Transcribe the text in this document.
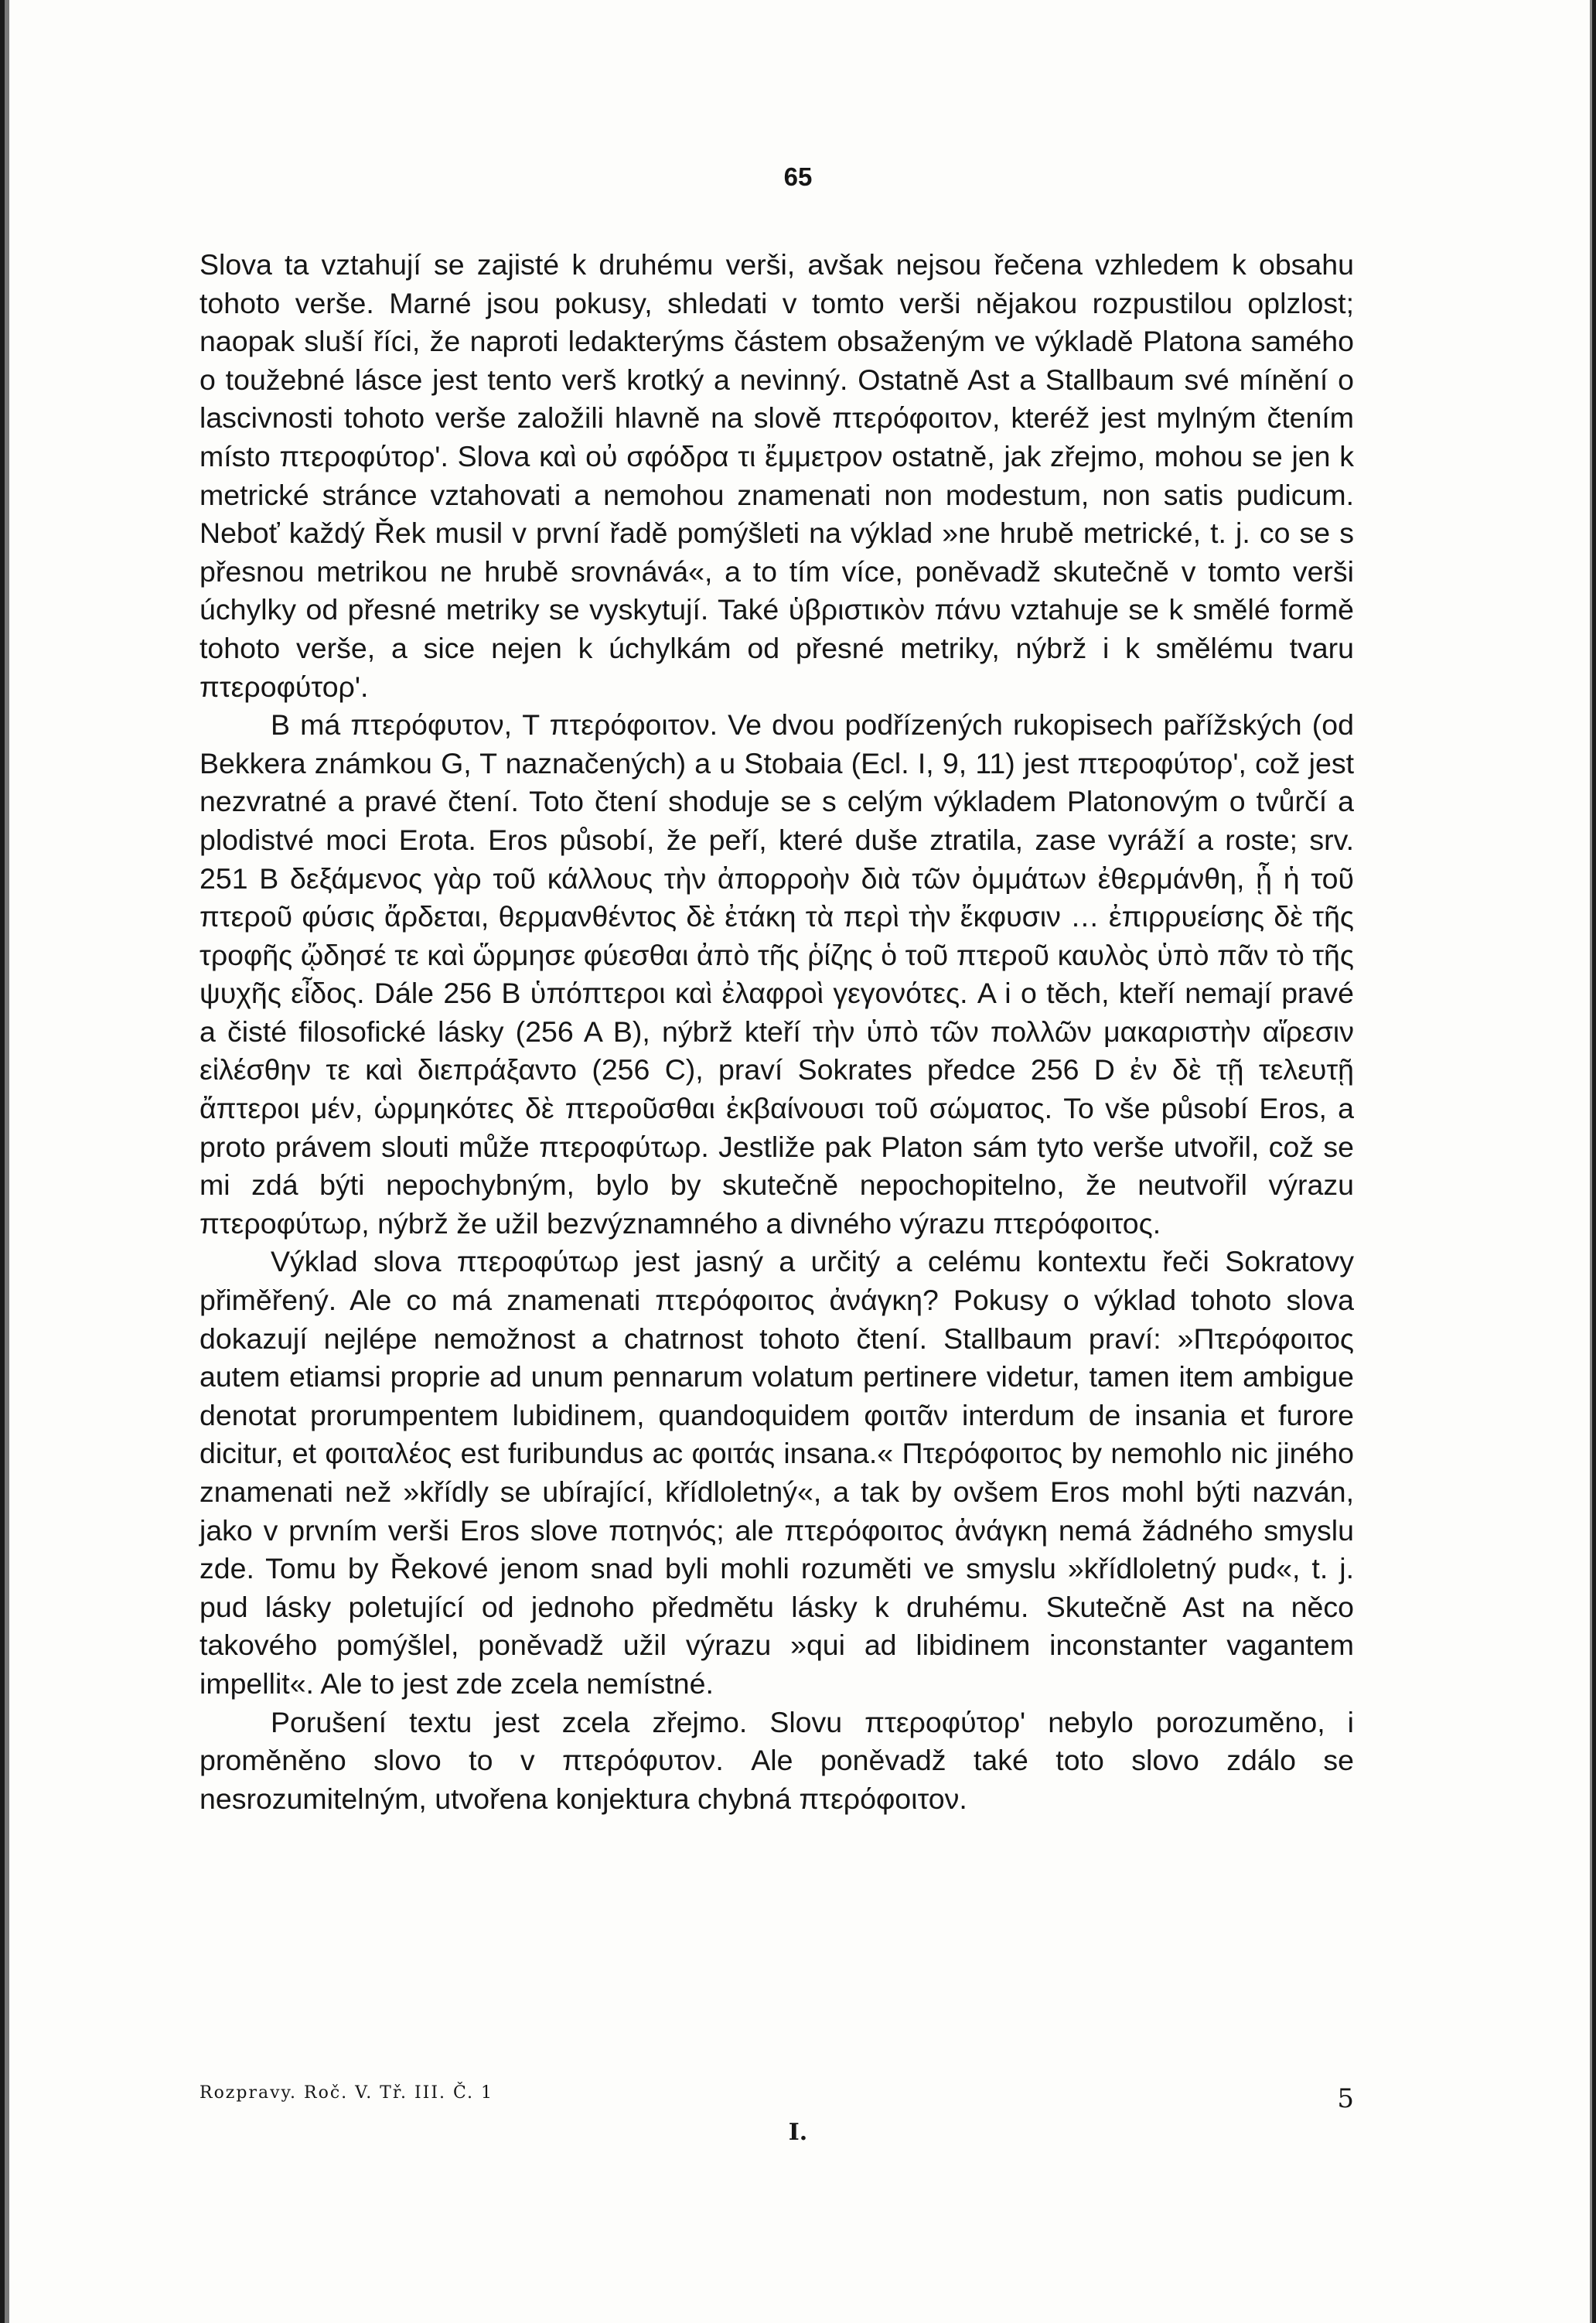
65

Slova ta vztahují se zajisté k druhému verši, avšak nejsou řečena vzhledem k obsahu tohoto verše. Marné jsou pokusy, shledati v tomto verši nějakou rozpustilou oplzlost; naopak sluší říci, že naproti ledakterýms částem obsaženým ve výkladě Platona samého o toužebné lásce jest tento verš krotký a nevinný. Ostatně Ast a Stallbaum své mínění o lascivnosti tohoto verše založili hlavně na slově πτερόφοιτον, kteréž jest mylným čtením místo πτεροφύτορ'. Slova καὶ οὐ σφόδρα τι ἔμμετρον ostatně, jak zřejmo, mohou se jen k metrické stránce vztahovati a nemohou znamenati non modestum, non satis pudicum. Neboť každý Řek musil v první řadě pomýšleti na výklad »ne hrubě metrické, t. j. co se s přesnou metrikou ne hrubě srovnává«, a to tím více, poněvadž skutečně v tomto verši úchylky od přesné metriky se vyskytují. Také ὑβριστικὸν πάνυ vztahuje se k smělé formě tohoto verše, a sice nejen k úchylkám od přesné metriky, nýbrž i k smělému tvaru πτεροφύτορ'.

B má πτερόφυτον, T πτερόφοιτον. Ve dvou podřízených rukopisech pařížských (od Bekkera známkou G, T naznačených) a u Stobaia (Ecl. I, 9, 11) jest πτεροφύτορ', což jest nezvratné a pravé čtení. Toto čtení shoduje se s celým výkladem Platonovým o tvůrčí a plodistvé moci Erota. Eros působí, že peří, které duše ztratila, zase vyráží a roste; srv. 251 B δεξάμενος γὰρ τοῦ κάλλους τὴν ἀπορροὴν διὰ τῶν ὀμμάτων ἐθερμάνθη, ᾗ ἡ τοῦ πτεροῦ φύσις ἄρδεται, θερμανθέντος δὲ ἐτάκη τὰ περὶ τὴν ἔκφυσιν … ἐπιρρυείσης δὲ τῆς τροφῆς ᾤδησέ τε καὶ ὥρμησε φύεσθαι ἀπὸ τῆς ῥίζης ὁ τοῦ πτεροῦ καυλὸς ὑπὸ πᾶν τὸ τῆς ψυχῆς εἶδος. Dále 256 B ὑπόπτεροι καὶ ἐλαφροὶ γεγονότες. A i o těch, kteří nemají pravé a čisté filosofické lásky (256 A B), nýbrž kteří τὴν ὑπὸ τῶν πολλῶν μακαριστὴν αἵρεσιν εἱλέσθην τε καὶ διεπράξαντο (256 C), praví Sokrates předce 256 D ἐν δὲ τῇ τελευτῇ ἄπτεροι μέν, ὡρμηκότες δὲ πτεροῦσθαι ἐκβαίνουσι τοῦ σώματος. To vše působí Eros, a proto právem slouti může πτεροφύτωρ. Jestliže pak Platon sám tyto verše utvořil, což se mi zdá býti nepochybným, bylo by skutečně nepochopitelno, že neutvořil výrazu πτεροφύτωρ, nýbrž že užil bezvýznamného a divného výrazu πτερόφοιτος.

Výklad slova πτεροφύτωρ jest jasný a určitý a celému kontextu řeči Sokratovy přiměřený. Ale co má znamenati πτερόφοιτος ἀνάγκη? Pokusy o výklad tohoto slova dokazují nejlépe nemožnost a chatrnost tohoto čtení. Stallbaum praví: »Πτερόφοιτος autem etiamsi proprie ad unum pennarum volatum pertinere videtur, tamen item ambigue denotat prorumpentem lubidinem, quandoquidem φοιτᾶν interdum de insania et furore dicitur, et φοιταλέος est furibundus ac φοιτάς insana.« Πτερόφοιτος by nemohlo nic jiného znamenati než »křídly se ubírající, křídloletný«, a tak by ovšem Eros mohl býti nazván, jako v prvním verši Eros slove ποτηνός; ale πτερόφοιτος ἀνάγκη nemá žádného smyslu zde. Tomu by Řekové jenom snad byli mohli rozuměti ve smyslu »křídloletný pud«, t. j. pud lásky poletující od jednoho předmětu lásky k druhému. Skutečně Ast na něco takového pomýšlel, poněvadž užil výrazu »qui ad libidinem inconstanter vagantem impellit«. Ale to jest zde zcela nemístné.

Porušení textu jest zcela zřejmo. Slovu πτεροφύτορ' nebylo porozuměno, i proměněno slovo to v πτερόφυτον. Ale poněvadž také toto slovo zdálo se nesrozumitelným, utvořena konjektura chybná πτερόφοιτον.

Rozpravy. Roč. V. Tř. III. Č. 1	5
I.
